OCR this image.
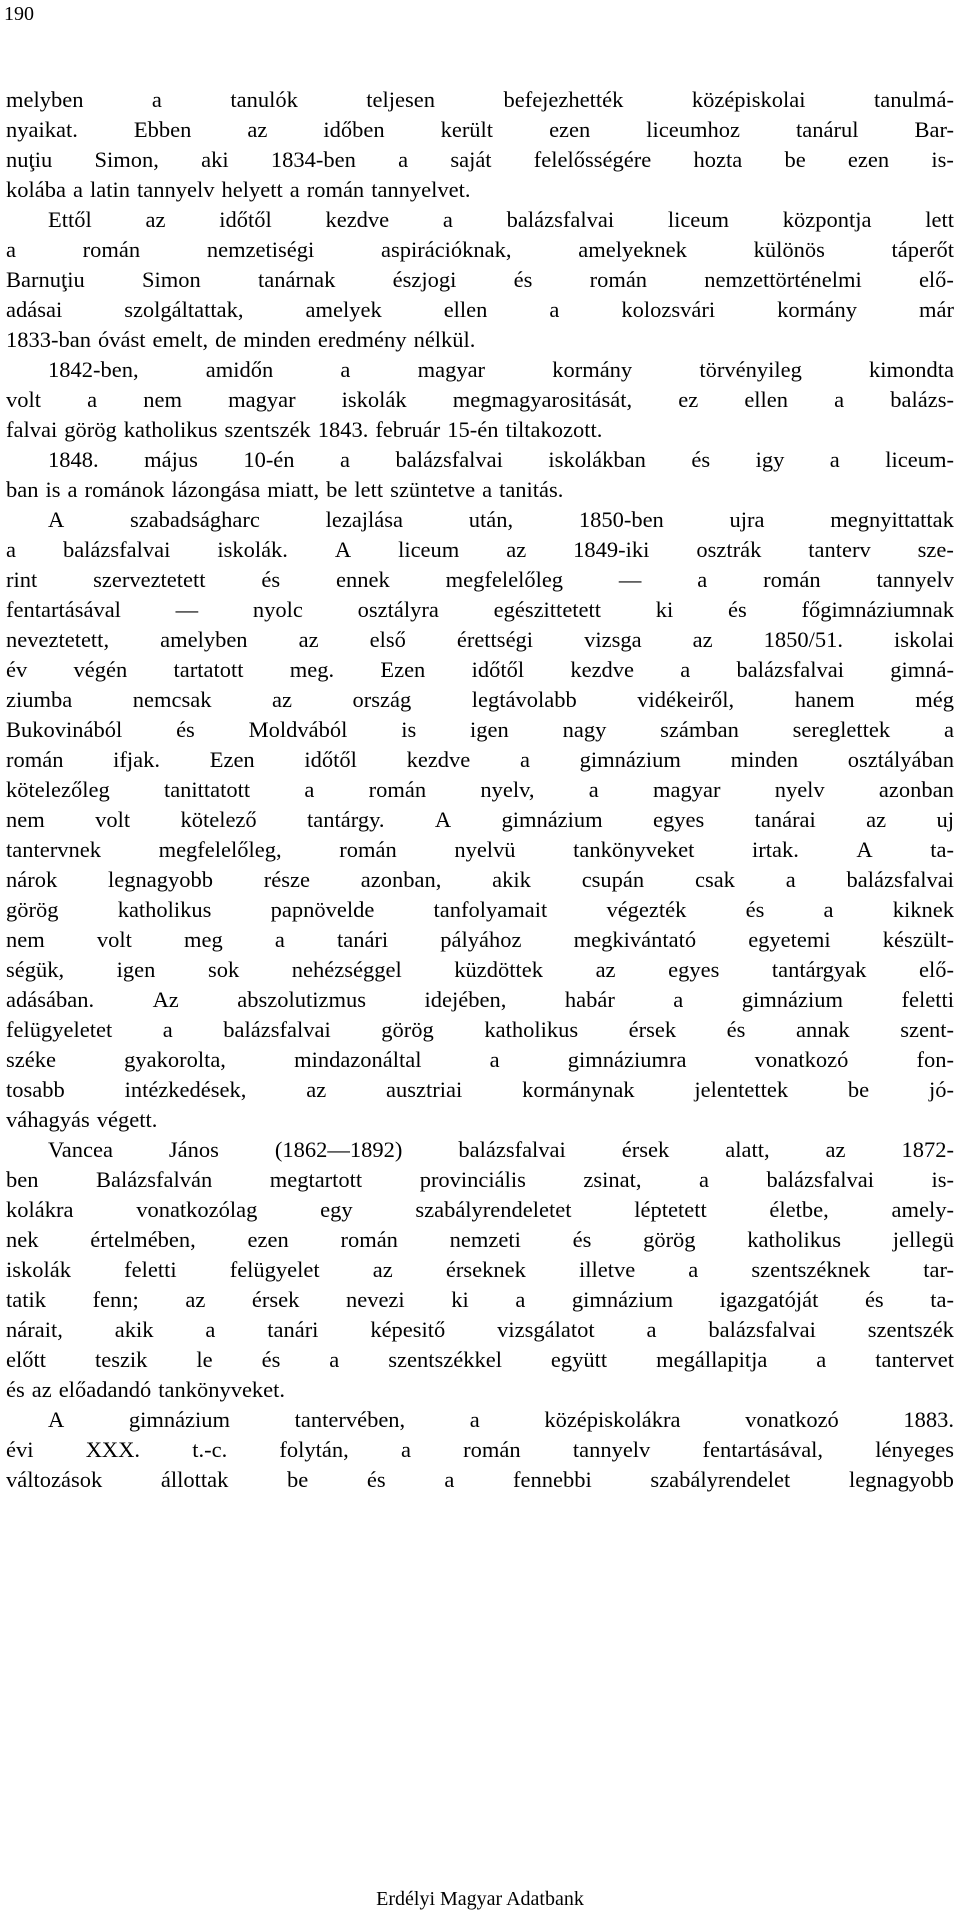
190
melyben	a	tanulók	teljesen	befejezhették	középiskolai	tanulmá-
nyaikat. Ebben az időben került ezen liceumhoz tanárul Bar-
nuţiu Simon, aki 1834-ben a saját felelősségére hozta be ezen is-
kolába a latin tannyelv helyett a román tannyelvet.
Ettől az időtől kezdve a balázsfalvai liceum központja lett
a	román	nemzetiségi	aspirációknak,	amelyeknek	különös	táperőt
Barnuţiu	Simon	tanárnak	észjogi	és	román	nemzettörténelmi	elő-
adásai	szolgáltattak,	amelyek	ellen	a	kolozsvári	kormány	már
1833-ban óvást emelt, de minden eredmény nélkül.
1842-ben,	amidőn	a	magyar	kormány	törvényileg	kimondta
volt a nem magyar iskolák megmagyarositását, ez ellen a balázs-
falvai görög katholikus szentszék 1843. február 15-én tiltakozott.
1848. május 10-én a balázsfalvai iskolákban és igy a liceum-
ban is a románok lázongása miatt, be lett szüntetve a tanitás.
A	szabadságharc	lezajlása	után,	1850-ben	ujra	megnyittattak
a balázsfalvai iskolák. A liceum az 1849-iki osztrák tanterv sze-
rint szerveztetett és ennek megfelelőleg — a román tannyelv
fentartásával — nyolc osztályra egészittetett ki és főgimnáziumnak
neveztetett, amelyben az első érettségi vizsga az 1850/51. iskolai
év végén tartatott meg. Ezen időtől kezdve a balázsfalvai gimná-
ziumba	nemcsak	az	ország	legtávolabb	vidékeiről,	hanem	még
Bukovinából és Moldvából is igen nagy számban sereglettek a
román ifjak. Ezen időtől kezdve a gimnázium minden osztályában
kötelezőleg tanittatott a román nyelv, a magyar nyelv azonban
nem volt kötelező tantárgy. A gimnázium egyes tanárai az uj
tantervnek	megfelelőleg,	román	nyelvü	tankönyveket	irtak.	A	ta-
nárok legnagyobb része azonban, akik csupán csak a balázsfalvai
görög	katholikus	papnövelde	tanfolyamait	végezték	és	a	kiknek
nem volt meg a tanári pályához megkivántató egyetemi készült-
ségük, igen sok nehézséggel küzdöttek az egyes tantárgyak elő-
adásában.	Az	abszolutizmus	idejében,	habár	a	gimnázium	feletti
felügyeletet a balázsfalvai görög katholikus érsek és annak szent-
széke	gyakorolta,	mindazonáltal	a	gimnáziumra	vonatkozó	fon-
tosabb	intézkedések,	az	ausztriai	kormánynak	jelentettek	be	jó-
váhagyás végett.
Vancea János (1862—1892) balázsfalvai érsek alatt, az 1872-
ben	Balázsfalván	megtartott	provinciális	zsinat,	a	balázsfalvai	is-
kolákra	vonatkozólag	egy	szabályrendeletet	léptetett	életbe,	amely-
nek értelmében, ezen román nemzeti és görög katholikus jellegü
iskolák feletti felügyelet az érseknek illetve a szentszéknek tar-
tatik fenn; az érsek nevezi ki a gimnázium igazgatóját és ta-
nárait, akik a tanári képesitő vizsgálatot a balázsfalvai szentszék
előtt teszik le és a szentszékkel együtt megállapitja a tantervet
és az előadandó tankönyveket.
A	gimnázium	tantervében,	a	középiskolákra	vonatkozó	1883.
évi XXX. t.-c. folytán, a román tannyelv fentartásával, lényeges
változások	állottak	be	és	a	fennebbi	szabályrendelet	legnagyobb
Erdélyi Magyar Adatbank
